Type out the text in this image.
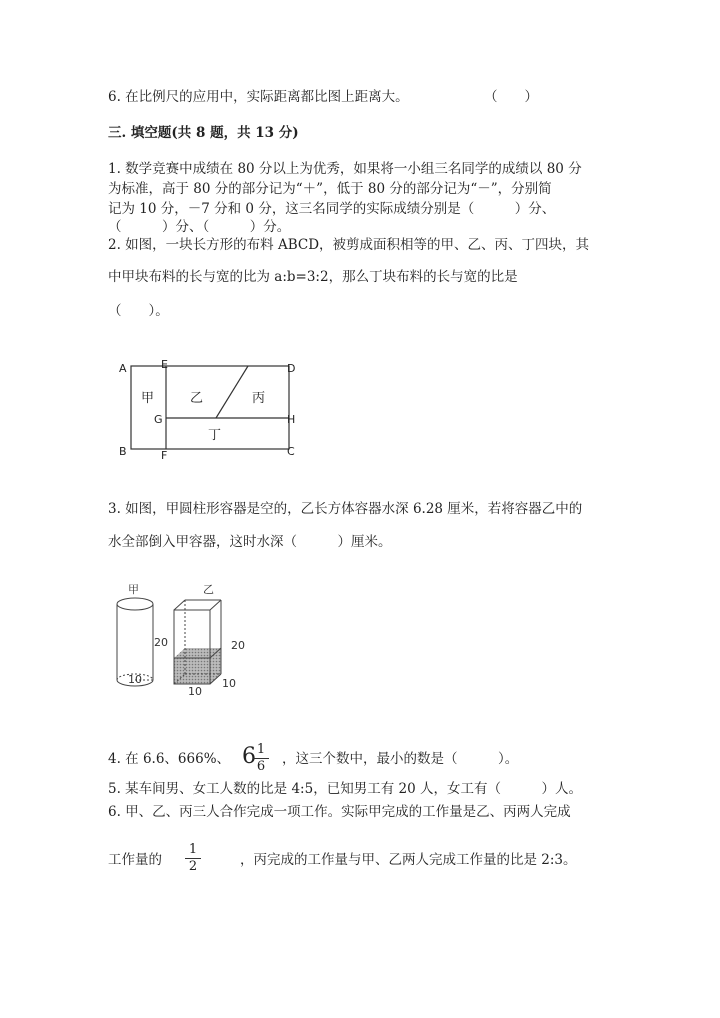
6. 在比例尺的应用中，实际距离都比图上距离大。	（　　）
三. 填空题(共 8 题，共 13 分)
1. 数学竞赛中成绩在 80 分以上为优秀，如果将一小组三名同学的成绩以 80 分
为标准，高于 80 分的部分记为“＋”，低于 80 分的部分记为“－”，分别简
记为 10 分，－7 分和 0 分，这三名同学的实际成绩分别是（　　　）分、
（　　　）分、（　　　）分。
2. 如图，一块长方形的布料 ABCD，被剪成面积相等的甲、乙、丙、丁四块，其
中甲块布料的长与宽的比为 a:b=3:2，那么丁块布料的长与宽的比是
（　　）。
A	E	D
G	H
B	F	C
甲	乙	丙
丁
3. 如图，甲圆柱形容器是空的，乙长方体容器水深 6.28 厘米，若将容器乙中的
水全部倒入甲容器，这时水深（　　　）厘米。
甲
20
10
乙
20
10
10
4. 在 6.6、666%、 6 1
6 ，这三个数中，最小的数是（　　　）。
5. 某车间男、女工人数的比是 4:5，已知男工有 20 人，女工有（　　　）人。
6. 甲、乙、丙三人合作完成一项工作。实际甲完成的工作量是乙、丙两人完成
工作量的
1
2	，丙完成的工作量与甲、乙两人完成工作量的比是 2:3。
